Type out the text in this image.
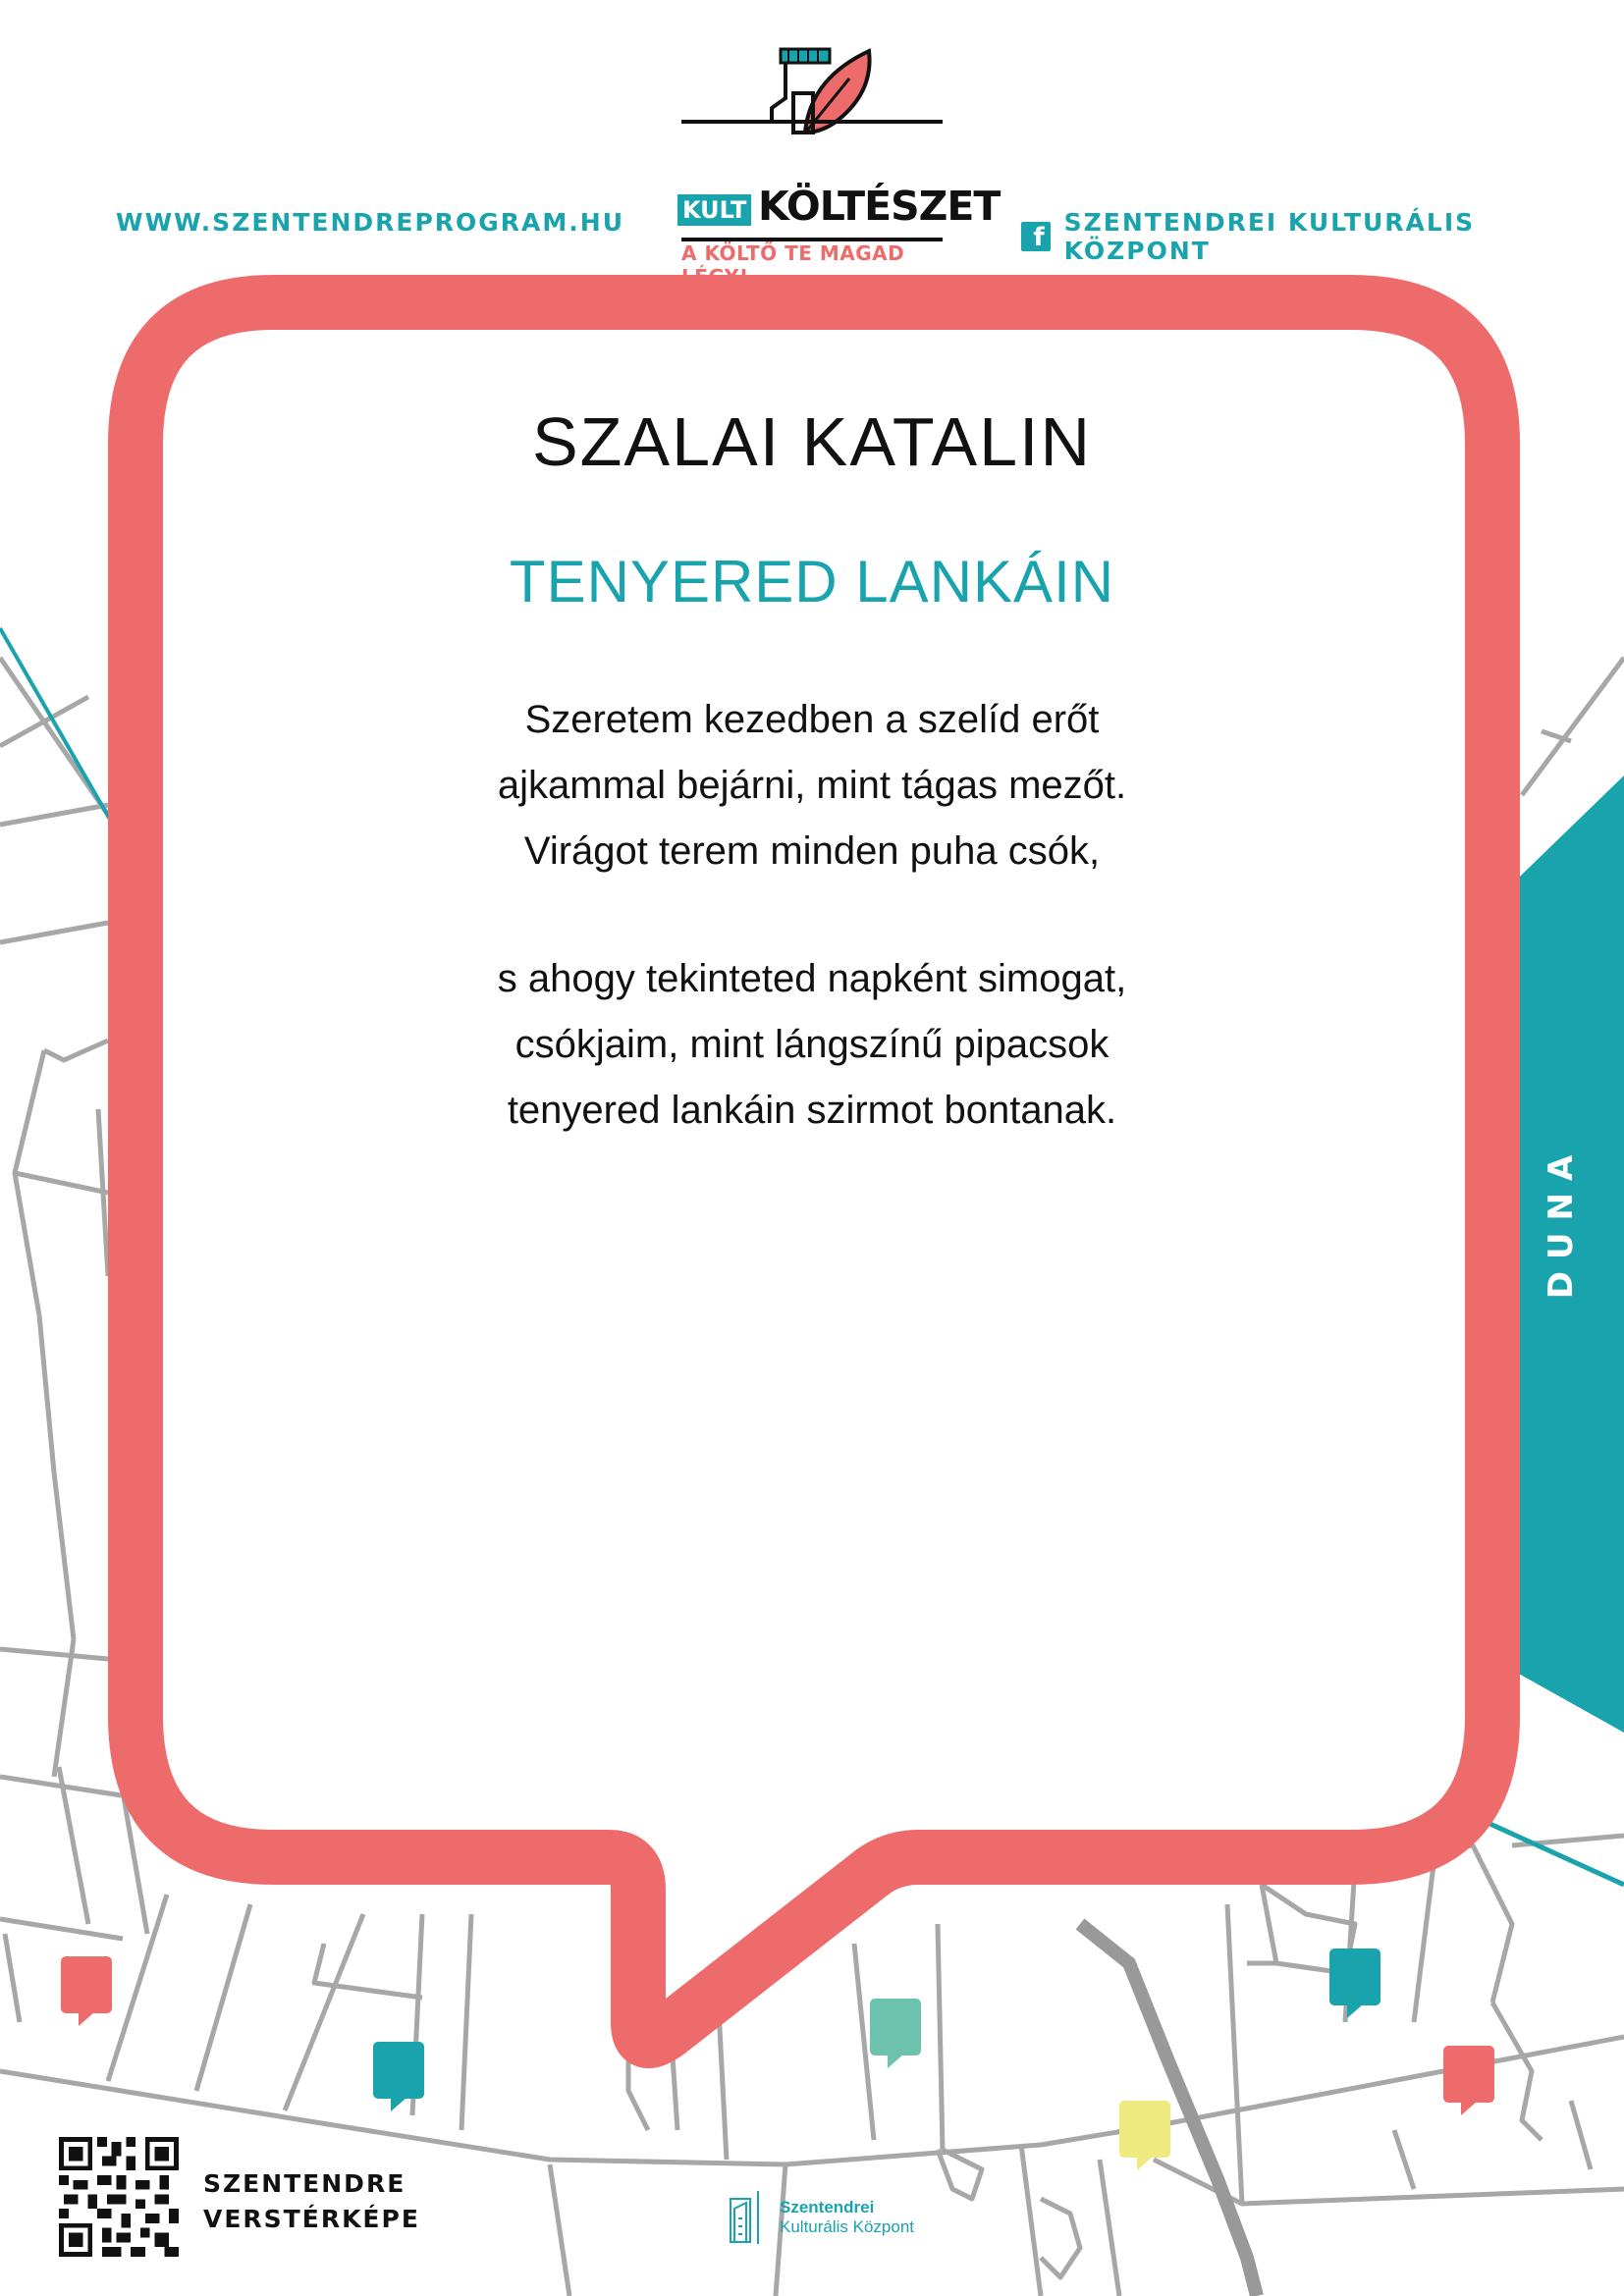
WWW.SZENTENDREPROGRAM.HU
f
SZENTENDREI KULTURÁLIS KÖZPONT
KULT KÖLTÉSZET
A KÖLTŐ TE MAGAD LÉGY!
SZALAI KATALIN
TENYERED LANKÁIN

Szeretem kezedben a szelíd erőt

ajkammal bejárni, mint tágas mezőt.

Virágot terem minden puha csók,

s ahogy tekinteted napként simogat,

csókjaim, mint lángszínű pipacsok

tenyered lankáin szirmot bontanak.

DUNA
SZENTENDRE
VERSTÉRKÉPE	Szentendrei
Kulturális Központ
